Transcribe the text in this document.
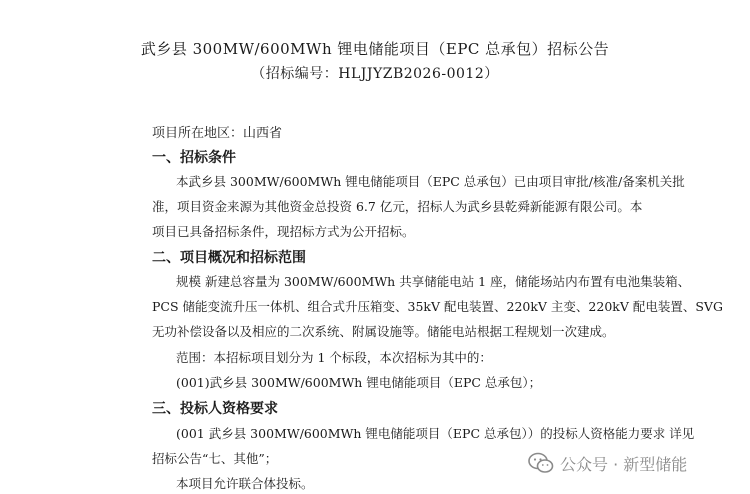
武乡县 300MW/600MWh 锂电储能项目（EPC 总承包）招标公告
（招标编号：HLJJYZB2026-0012）
项目所在地区：山西省
一、招标条件
本武乡县 300MW/600MWh 锂电储能项目（EPC 总承包）已由项目审批/核准/备案机关批
准，项目资金来源为其他资金总投资 6.7 亿元，招标人为武乡县乾舜新能源有限公司。本
项目已具备招标条件，现招标方式为公开招标。
二、项目概况和招标范围
规模 新建总容量为 300MW/600MWh 共享储能电站 1 座，储能场站内布置有电池集装箱、
PCS 储能变流升压一体机、组合式升压箱变、35kV 配电装置、220kV 主变、220kV 配电装置、SVG
无功补偿设备以及相应的二次系统、附属设施等。储能电站根据工程规划一次建成。
范围：本招标项目划分为 1 个标段，本次招标为其中的：
(001)武乡县 300MW/600MWh 锂电储能项目（EPC 总承包）；
三、投标人资格要求
(001 武乡县 300MW/600MWh 锂电储能项目（EPC 总承包））的投标人资格能力要求 详见
招标公告“七、其他”；
本项目允许联合体投标。
公众号 · 新型储能
